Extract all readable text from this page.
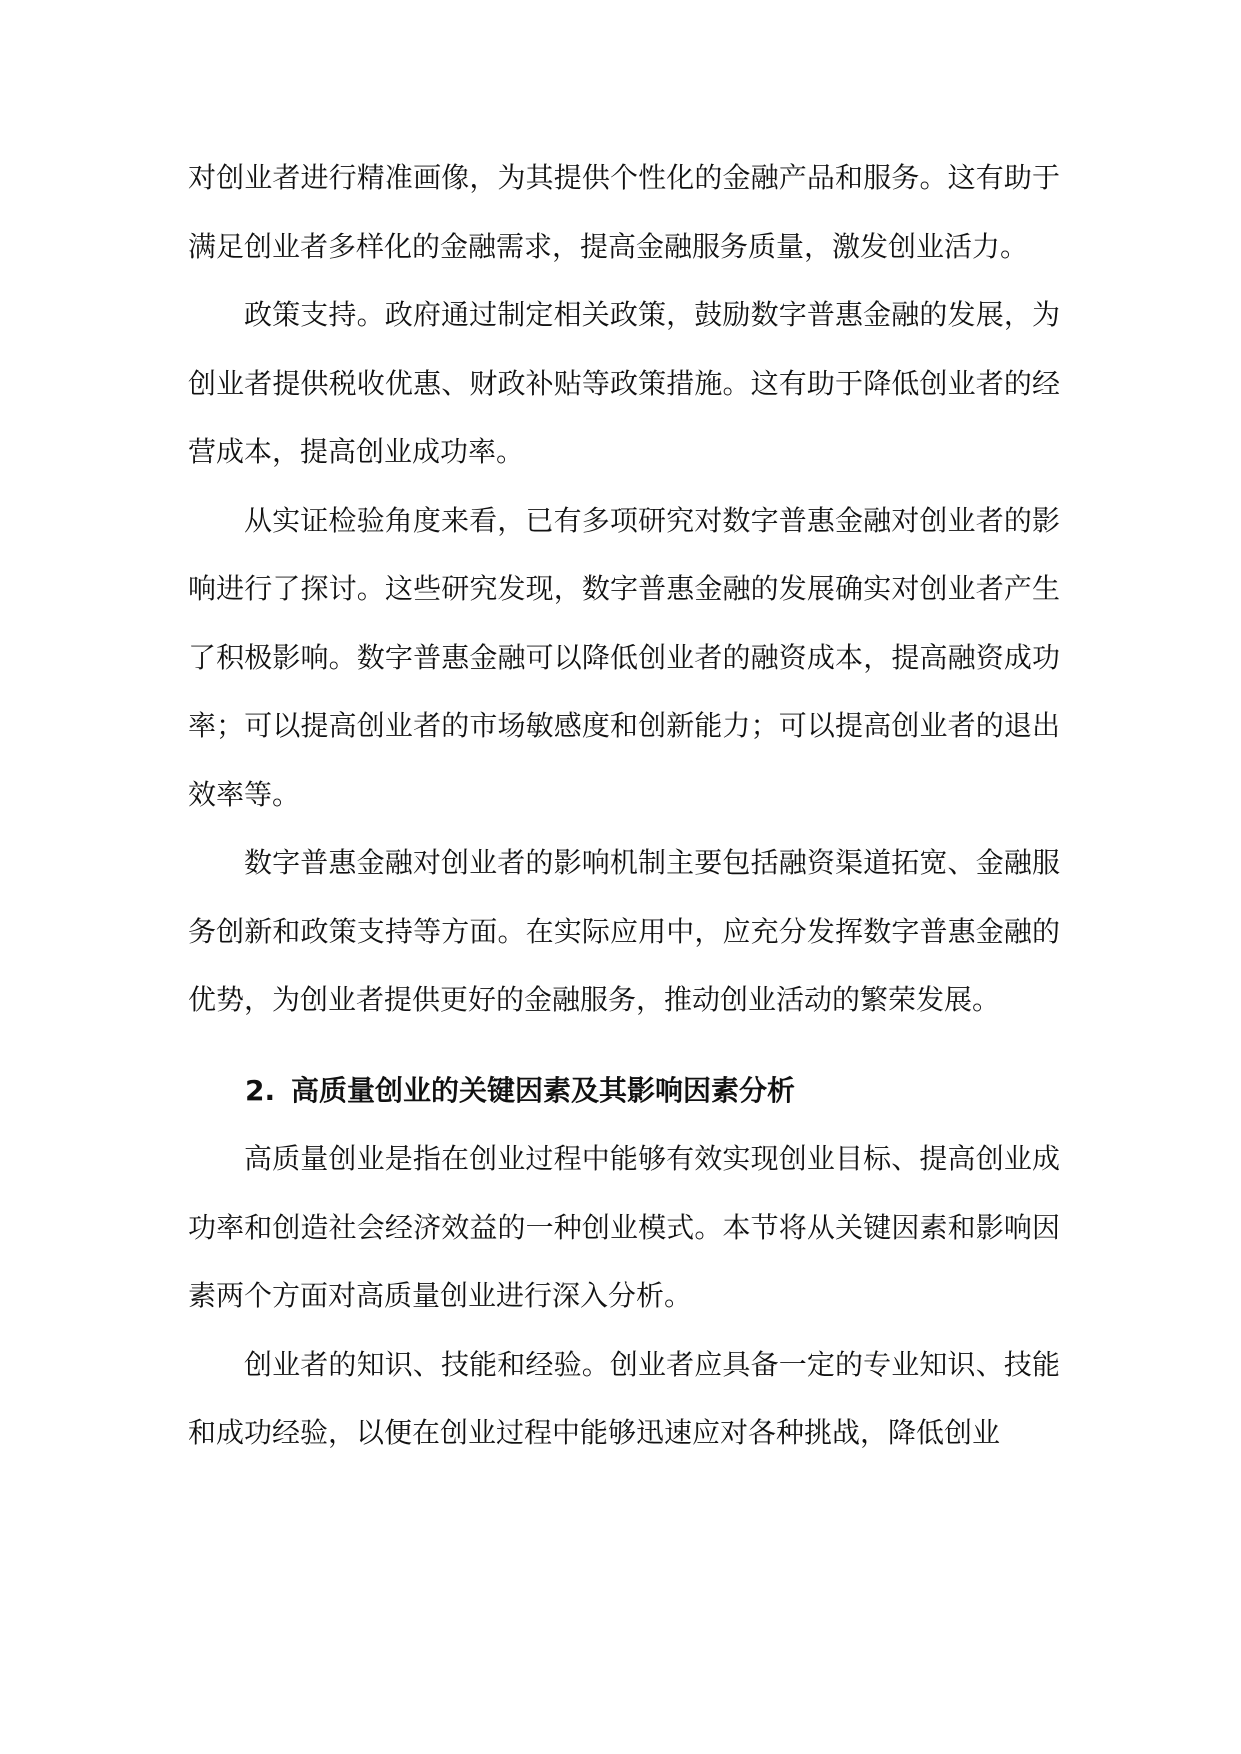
对创业者进行精准画像，为其提供个性化的金融产品和服务。这有助于满足创业者多样化的金融需求，提高金融服务质量，激发创业活力。

政策支持。政府通过制定相关政策，鼓励数字普惠金融的发展，为创业者提供税收优惠、财政补贴等政策措施。这有助于降低创业者的经营成本，提高创业成功率。

从实证检验角度来看，已有多项研究对数字普惠金融对创业者的影响进行了探讨。这些研究发现，数字普惠金融的发展确实对创业者产生了积极影响。数字普惠金融可以降低创业者的融资成本，提高融资成功率；可以提高创业者的市场敏感度和创新能力；可以提高创业者的退出效率等。

数字普惠金融对创业者的影响机制主要包括融资渠道拓宽、金融服务创新和政策支持等方面。在实际应用中，应充分发挥数字普惠金融的优势，为创业者提供更好的金融服务，推动创业活动的繁荣发展。

2. 高质量创业的关键因素及其影响因素分析

高质量创业是指在创业过程中能够有效实现创业目标、提高创业成功率和创造社会经济效益的一种创业模式。本节将从关键因素和影响因素两个方面对高质量创业进行深入分析。

创业者的知识、技能和经验。创业者应具备一定的专业知识、技能和成功经验，以便在创业过程中能够迅速应对各种挑战，降低创业
